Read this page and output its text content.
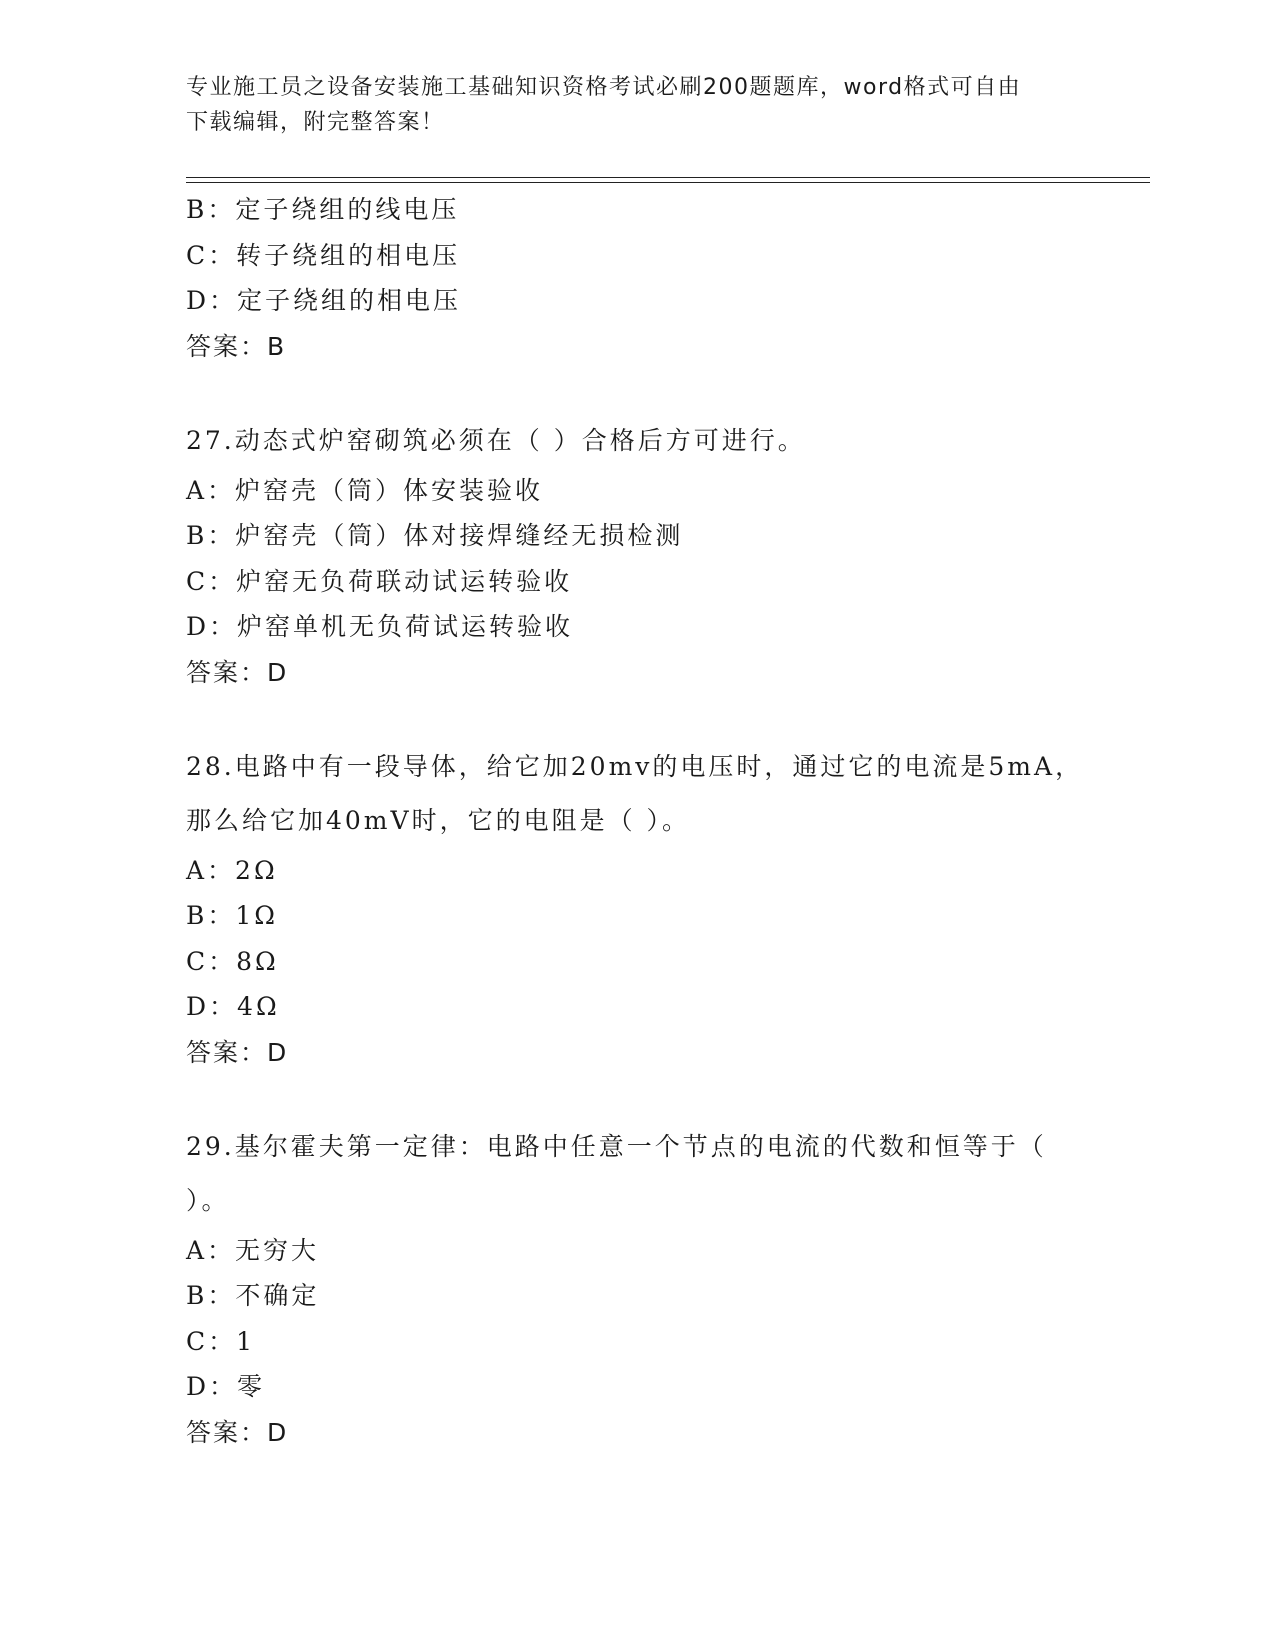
专业施工员之设备安装施工基础知识资格考试必刷200题题库，word格式可自由
下载编辑，附完整答案！
B：定子绕组的线电压
C：转子绕组的相电压
D：定子绕组的相电压
答案：B
27.动态式炉窑砌筑必须在（ ）合格后方可进行。
A：炉窑壳（筒）体安装验收
B：炉窑壳（筒）体对接焊缝经无损检测
C：炉窑无负荷联动试运转验收
D：炉窑单机无负荷试运转验收
答案：D
28.电路中有一段导体，给它加20mv的电压时，通过它的电流是5mA，
那么给它加40mV时，它的电阻是（ ）。
A：2Ω
B：1Ω
C：8Ω
D：4Ω
答案：D
29.基尔霍夫第一定律：电路中任意一个节点的电流的代数和恒等于（
）。
A：无穷大
B：不确定
C：1
D：零
答案：D
